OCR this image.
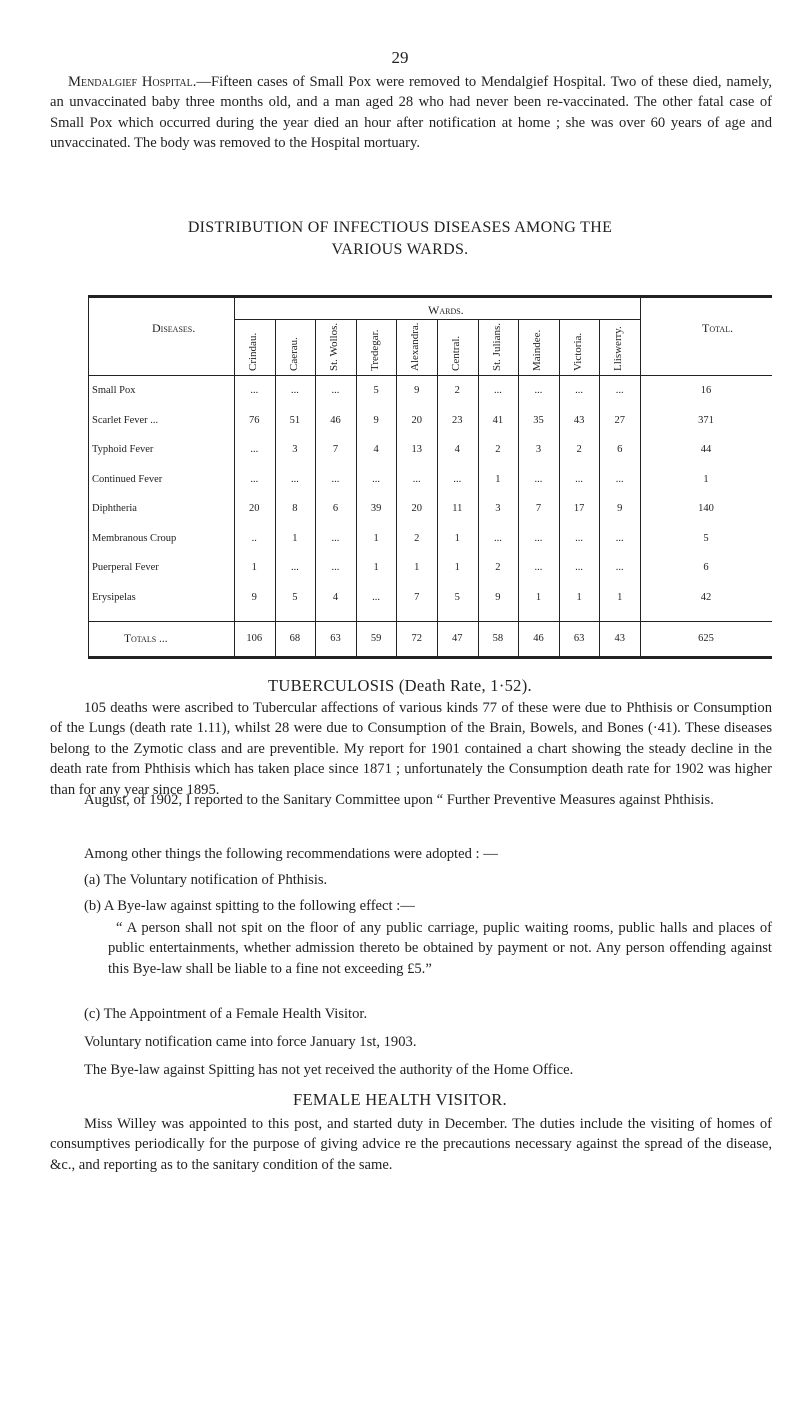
29
Mendalgief Hospital.—Fifteen cases of Small Pox were removed to Mendalgief Hospital. Two of these died, namely, an unvaccinated baby three months old, and a man aged 28 who had never been re-vaccinated. The other fatal case of Small Pox which occurred during the year died an hour after notification at home ; she was over 60 years of age and unvaccinated. The body was removed to the Hospital mortuary.
DISTRIBUTION OF INFECTIOUS DISEASES AMONG THE
VARIOUS WARDS.
Diseases.
Wards.
Total.
Crindau.	Caerau.	St. Wollos.	Tredegar.	Alexandra.	Central.	St. Julians.	Maindee.	Victoria.	Lliswerry.
Small Pox	...	...	...	5	9	2	...	...	...	...	16
Scarlet Fever ...	76	51	46	9	20	23	41	35	43	27	371
Typhoid Fever	...	3	7	4	13	4	2	3	2	6	44
Continued Fever	...	...	...	...	...	...	1	...	...	...	1
Diphtheria	20	8	6	39	20	11	3	7	17	9	140
Membranous Croup	..	1	...	1	2	1	...	...	...	...	5
Puerperal Fever	1	...	...	1	1	1	2	...	...	...	6
Erysipelas	9	5	4	...	7	5	9	1	1	1	42
Totals ...	106	68	63	59	72	47	58	46	63	43	625
TUBERCULOSIS (Death Rate, 1·52).
105 deaths were ascribed to Tubercular affections of various kinds 77 of these were due to Phthisis or Consumption of the Lungs (death rate 1.11), whilst 28 were due to Consumption of the Brain, Bowels, and Bones (·41). These diseases belong to the Zymotic class and are preventible. My report for 1901 contained a chart showing the steady decline in the death rate from Phthisis which has taken place since 1871 ; unfortunately the Consumption death rate for 1902 was higher than for any year since 1895.
August, of 1902, I reported to the Sanitary Committee upon “ Further Preventive Measures against Phthisis.
Among other things the following recommendations were adopted : —
(a) The Voluntary notification of Phthisis.
(b) A Bye-law against spitting to the following effect :—
“ A person shall not spit on the floor of any public carriage, puplic waiting rooms, public halls and places of public entertainments, whether admission thereto be obtained by payment or not. Any person offending against this Bye-law shall be liable to a fine not exceeding £5.”
(c) The Appointment of a Female Health Visitor.
Voluntary notification came into force January 1st, 1903.
The Bye-law against Spitting has not yet received the authority of the Home Office.
FEMALE HEALTH VISITOR.
Miss Willey was appointed to this post, and started duty in December. The duties include the visiting of homes of consumptives periodically for the purpose of giving advice re the precautions necessary against the spread of the disease, &c., and reporting as to the sanitary condition of the same.
